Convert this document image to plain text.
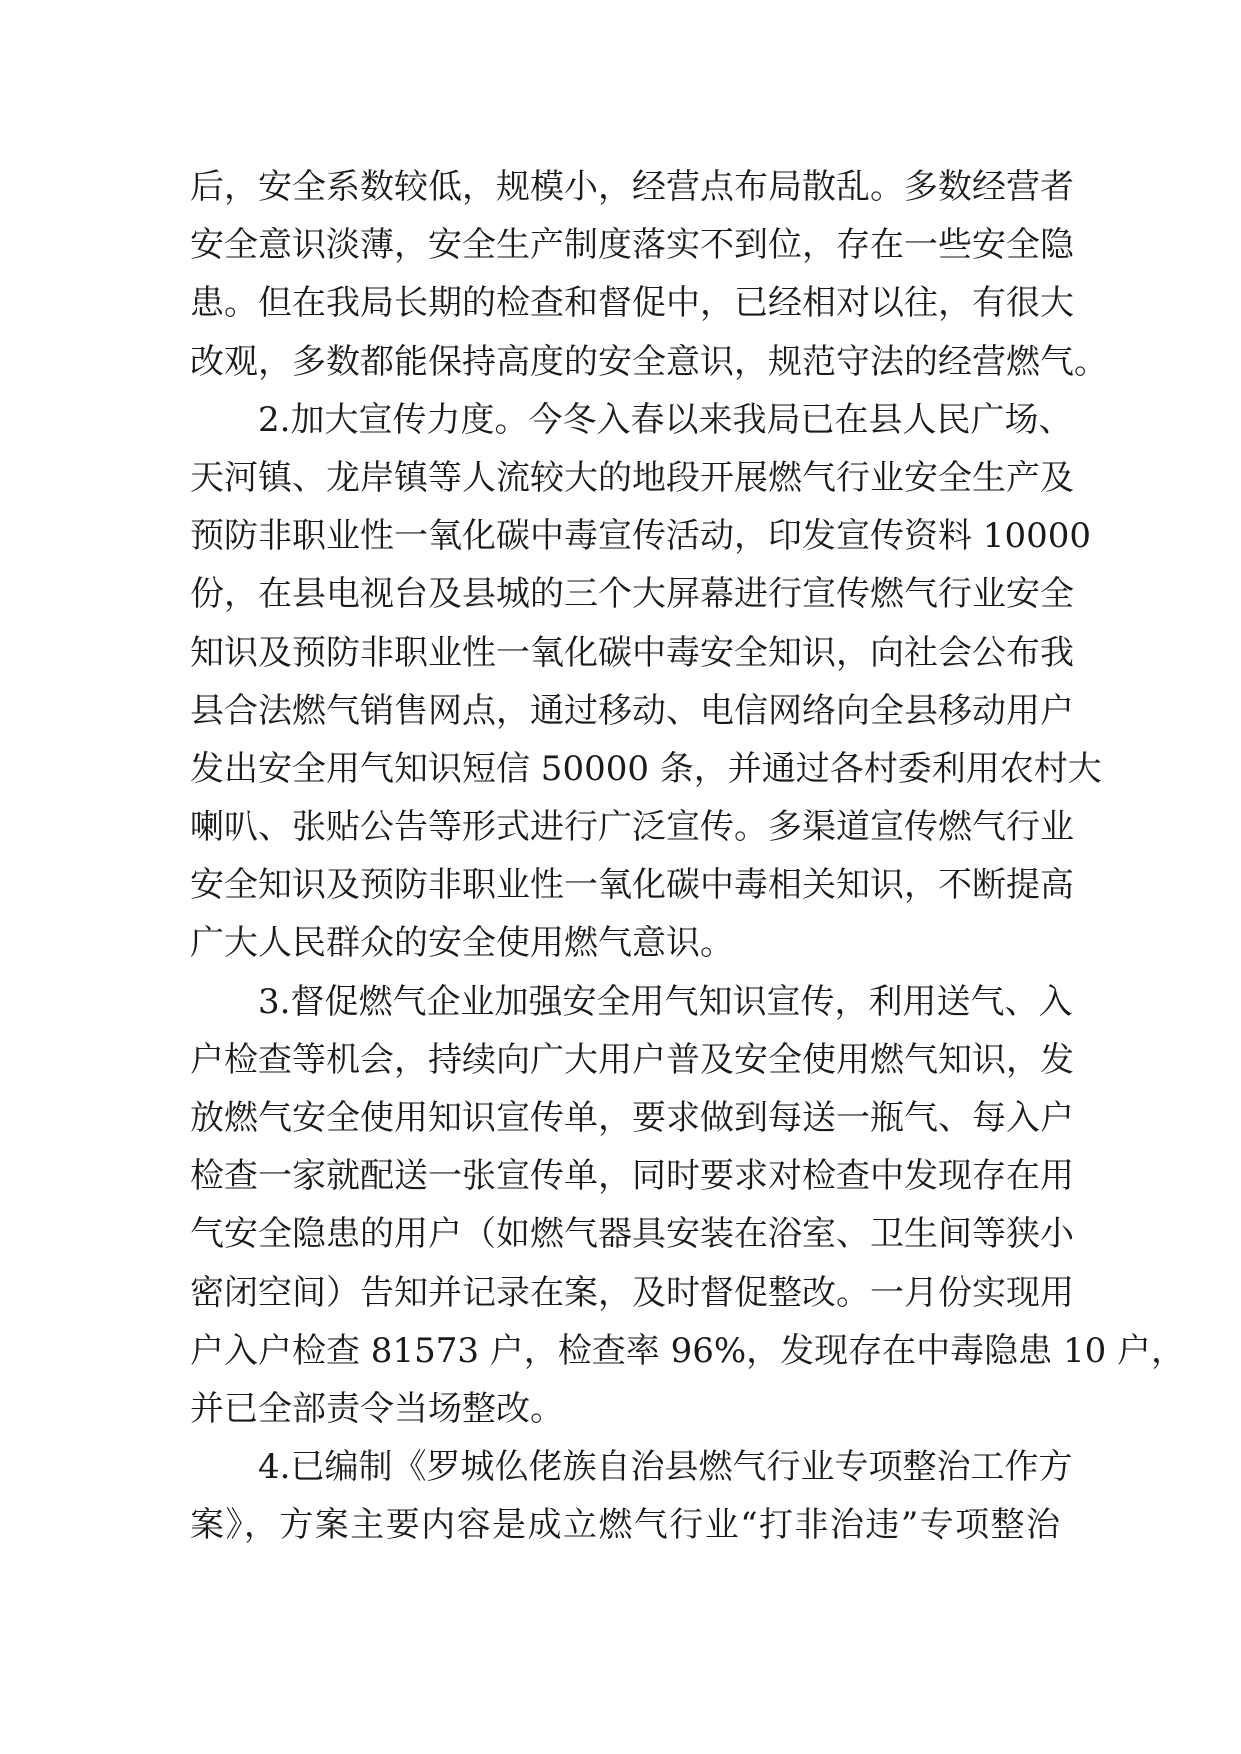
后，安全系数较低，规模小，经营点布局散乱。多数经营者
安全意识淡薄，安全生产制度落实不到位，存在一些安全隐
患。但在我局长期的检查和督促中，已经相对以往，有很大
改观，多数都能保持高度的安全意识，规范守法的经营燃气。
2.加大宣传力度。今冬入春以来我局已在县人民广场、
天河镇、龙岸镇等人流较大的地段开展燃气行业安全生产及
预防非职业性一氧化碳中毒宣传活动，印发宣传资料 10000
份，在县电视台及县城的三个大屏幕进行宣传燃气行业安全
知识及预防非职业性一氧化碳中毒安全知识，向社会公布我
县合法燃气销售网点，通过移动、电信网络向全县移动用户
发出安全用气知识短信 50000 条，并通过各村委利用农村大
喇叭、张贴公告等形式进行广泛宣传。多渠道宣传燃气行业
安全知识及预防非职业性一氧化碳中毒相关知识，不断提高
广大人民群众的安全使用燃气意识。
3.督促燃气企业加强安全用气知识宣传，利用送气、入
户检查等机会，持续向广大用户普及安全使用燃气知识，发
放燃气安全使用知识宣传单，要求做到每送一瓶气、每入户
检查一家就配送一张宣传单，同时要求对检查中发现存在用
气安全隐患的用户（如燃气器具安装在浴室、卫生间等狭小
密闭空间）告知并记录在案，及时督促整改。一月份实现用
户入户检查 81573 户，检查率 96%，发现存在中毒隐患 10 户，
并已全部责令当场整改。
4.已编制《罗城仫佬族自治县燃气行业专项整治工作方
案》，方案主要内容是成立燃气行业“打非治违”专项整治
